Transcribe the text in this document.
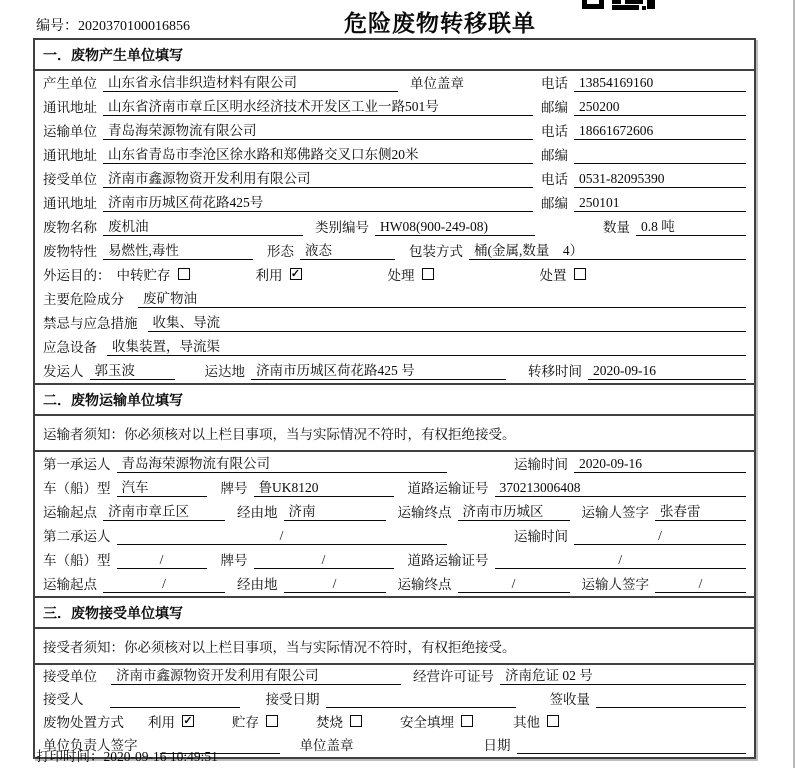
编号：2020370100016856	危险废物转移联单
一．废物产生单位填写
产生单位 山东省永信非织造材料有限公司	单位盖章	电话 13854169160
通讯地址 山东省济南市章丘区明水经济技术开发区工业一路501号	邮编 250200
运输单位 青岛海荣源物流有限公司	电话 18661672606
通讯地址 山东省青岛市李沧区徐水路和郑佛路交叉口东侧20米	邮编
接受单位 济南市鑫源物资开发利用有限公司	电话 0531-82095390
通讯地址 济南市历城区荷花路425号	邮编 250101
废物名称 废机油	类别编号 HW08(900-249-08)	数量 0.8 吨
废物特性 易燃性,毒性	形态 液态	包装方式 桶(金属,数量　4）
外运目的： 中转贮存	利用 ✓	处理	处置
主要危险成分	废矿物油
禁忌与应急措施	收集、导流
应急设备	收集装置，导流渠
发运人 郭玉波	运达地 济南市历城区荷花路425 号	转移时间 2020-09-16
二．废物运输单位填写
运输者须知：你必须核对以上栏目事项，当与实际情况不符时，有权拒绝接受。
第一承运人 青岛海荣源物流有限公司	运输时间 2020-09-16
车（船）型 汽车	牌号 鲁UK8120	道路运输证号 370213006408
运输起点 济南市章丘区	经由地 济南	运输终点 济南市历城区	运输人签字 张春雷
第二承运人	/	运输时间	/
车（船）型	/	牌号	/	道路运输证号	/
运输起点	/	经由地	/	运输终点	/	运输人签字	/
三．废物接受单位填写
接受者须知：你必须核对以上栏目事项，当与实际情况不符时，有权拒绝接受。
接受单位	济南市鑫源物资开发利用有限公司	经营许可证号 济南危证 02 号
接受人	接受日期	签收量
废物处置方式 利用 ✓	贮存	焚烧	安全填埋	其他
单位负责人签字	单位盖章	日期
打印时间：2020-09-16 10:49:51
